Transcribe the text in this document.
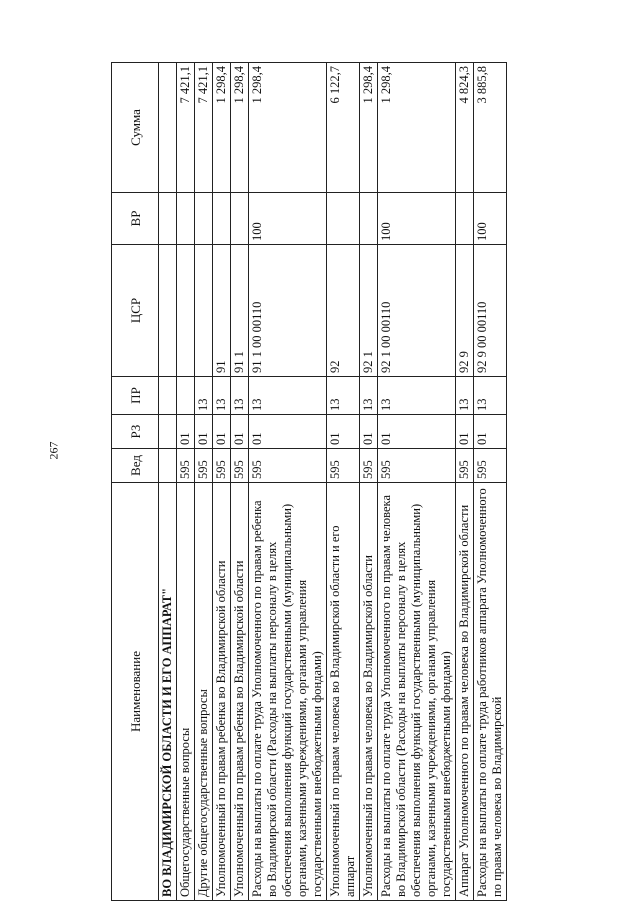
267
Наименование	Вед	РЗ	ПР	ЦСР	ВР	Сумма
ВО ВЛАДИМИРСКОЙ ОБЛАСТИ И ЕГО АППАРАТ"						
Общегосударственные вопросы	595	01				7 421,1
Другие общегосударственные вопросы	595	01	13			7 421,1
Уполномоченный по правам ребенка во Владимирской области	595	01	13	91		1 298,4
Уполномоченный по правам ребенка во Владимирской области	595	01	13	91 1		1 298,4
Расходы на выплаты по оплате труда Уполномоченного по правам ребенка во Владимирской области (Расходы на выплаты персоналу в целях обеспечения выполнения функций государственными (муниципальными) органами, казенными учреждениями, органами управления государственными внебюджетными фондами)	595	01	13	91 1 00 00110	100	1 298,4
Уполномоченный по правам человека во Владимирской области и его аппарат	595	01	13	92		6 122,7
Уполномоченный по правам человека во Владимирской области	595	01	13	92 1		1 298,4
Расходы на выплаты по оплате труда Уполномоченного по правам человека во Владимирской области (Расходы на выплаты персоналу в целях обеспечения выполнения функций государственными (муниципальными) органами, казенными учреждениями, органами управления государственными внебюджетными фондами)	595	01	13	92 1 00 00110	100	1 298,4
Аппарат Уполномоченного по правам человека во Владимирской области	595	01	13	92 9		4 824,3
Расходы на выплаты по оплате труда работников аппарата Уполномоченного по правам человека во Владимирской	595	01	13	92 9 00 00110	100	3 885,8
